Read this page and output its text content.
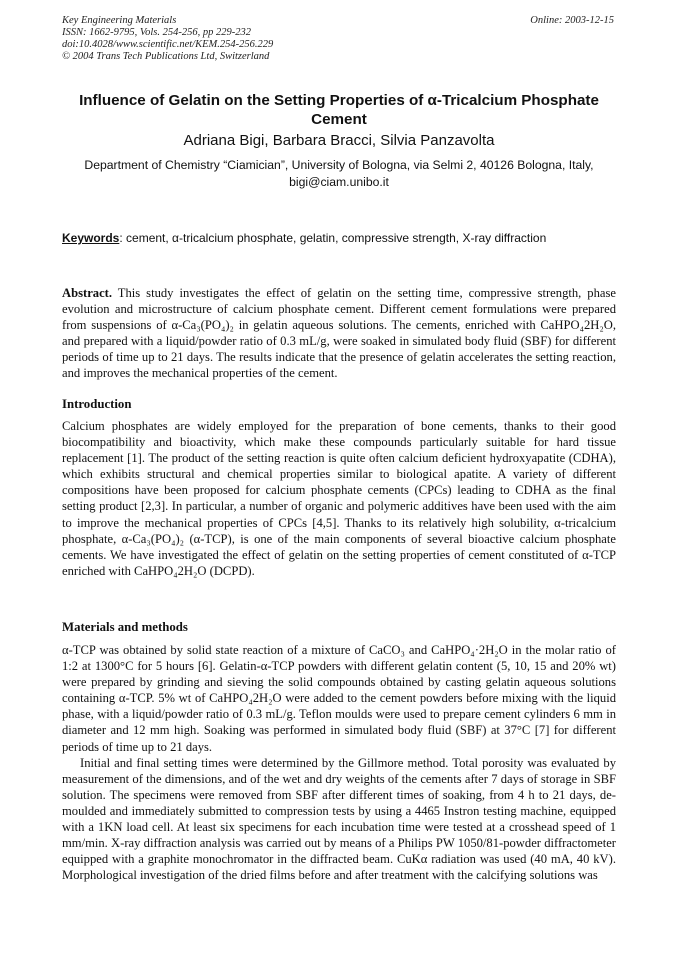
Key Engineering Materials
ISSN: 1662-9795, Vols. 254-256, pp 229-232
doi:10.4028/www.scientific.net/KEM.254-256.229
© 2004 Trans Tech Publications Ltd, Switzerland
Online: 2003-12-15
Influence of Gelatin on the Setting Properties of α-Tricalcium Phosphate Cement
Adriana Bigi, Barbara Bracci, Silvia Panzavolta
Department of Chemistry “Ciamician”, University of Bologna, via Selmi 2, 40126 Bologna, Italy, bigi@ciam.unibo.it
Keywords: cement, α-tricalcium phosphate, gelatin, compressive strength, X-ray diffraction
Abstract. This study investigates the effect of gelatin on the setting time, compressive strength, phase evolution and microstructure of calcium phosphate cement. Different cement formulations were prepared from suspensions of α-Ca₃(PO₄)₂ in gelatin aqueous solutions. The cements, enriched with CaHPO₄2H₂O, and prepared with a liquid/powder ratio of 0.3 mL/g, were soaked in simulated body fluid (SBF) for different periods of time up to 21 days. The results indicate that the presence of gelatin accelerates the setting reaction, and improves the mechanical properties of the cement.
Introduction
Calcium phosphates are widely employed for the preparation of bone cements, thanks to their good biocompatibility and bioactivity, which make these compounds particularly suitable for hard tissue replacement [1]. The product of the setting reaction is quite often calcium deficient hydroxyapatite (CDHA), which exhibits structural and chemical properties similar to biological apatite. A variety of different compositions have been proposed for calcium phosphate cements (CPCs) leading to CDHA as the final setting product [2,3]. In particular, a number of organic and polymeric additives have been used with the aim to improve the mechanical properties of CPCs [4,5]. Thanks to its relatively high solubility, α-tricalcium phosphate, α-Ca₃(PO₄)₂ (α-TCP), is one of the main components of several bioactive calcium phosphate cements. We have investigated the effect of gelatin on the setting properties of cement constituted of α-TCP enriched with CaHPO₄2H₂O (DCPD).
Materials and methods

α-TCP was obtained by solid state reaction of a mixture of CaCO₃ and CaHPO₄·2H₂O in the molar ratio of 1:2 at 1300°C for 5 hours [6]. Gelatin-α-TCP powders with different gelatin content (5, 10, 15 and 20% wt) were prepared by grinding and sieving the solid compounds obtained by casting gelatin aqueous solutions containing α-TCP. 5% wt of CaHPO₄2H₂O were added to the cement powders before mixing with the liquid phase, with a liquid/powder ratio of 0.3 mL/g. Teflon moulds were used to prepare cement cylinders 6 mm in diameter and 12 mm high. Soaking was performed in simulated body fluid (SBF) at 37°C [7] for different periods of time up to 21 days.

Initial and final setting times were determined by the Gillmore method. Total porosity was evaluated by measurement of the dimensions, and of the wet and dry weights of the cements after 7 days of storage in SBF solution. The specimens were removed from SBF after different times of soaking, from 4 h to 21 days, de-moulded and immediately submitted to compression tests by using a 4465 Instron testing machine, equipped with a 1KN load cell. At least six specimens for each incubation time were tested at a crosshead speed of 1 mm/min. X-ray diffraction analysis was carried out by means of a Philips PW 1050/81-powder diffractometer equipped with a graphite monochromator in the diffracted beam. CuKα radiation was used (40 mA, 40 kV). Morphological investigation of the dried films before and after treatment with the calcifying solutions was
